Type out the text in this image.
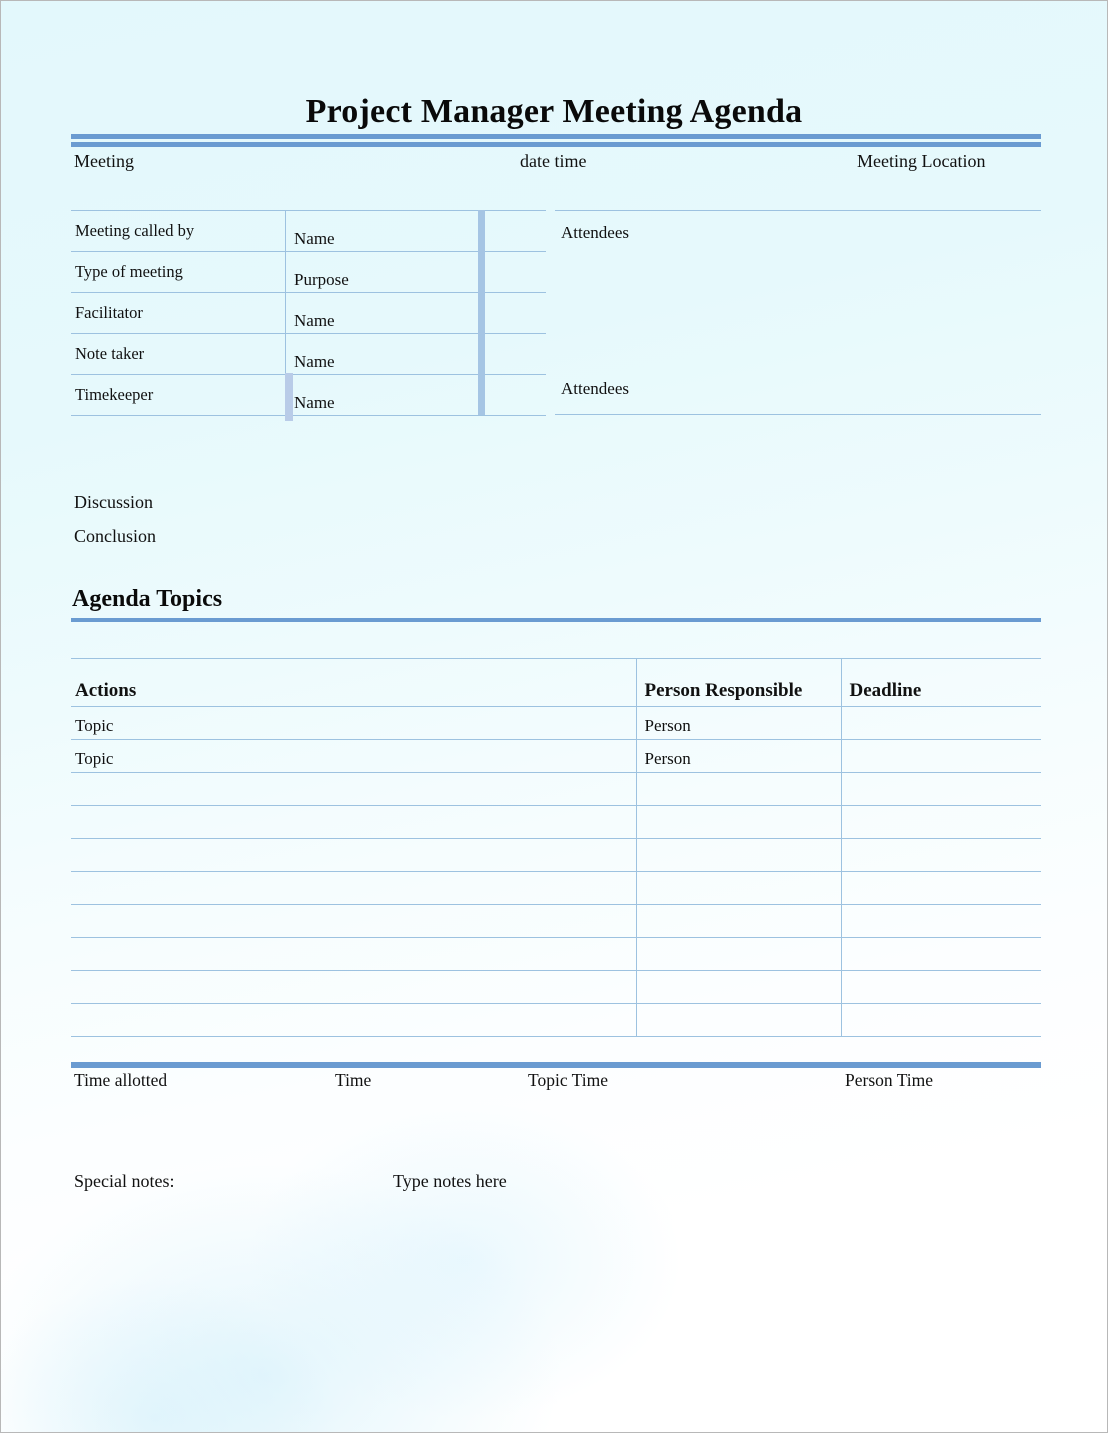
Project Manager Meeting Agenda
Meeting	date time	Meeting Location
Meeting called by	Name
Type of meeting	Purpose
Facilitator	Name
Note taker	Name
Timekeeper	Name
Attendees
Attendees
Discussion
Conclusion
Agenda Topics
Actions	Person Responsible	Deadline
Topic	Person	
Topic	Person	

Time allotted	Time	Topic Time	Person Time
Special notes:	Type notes here
